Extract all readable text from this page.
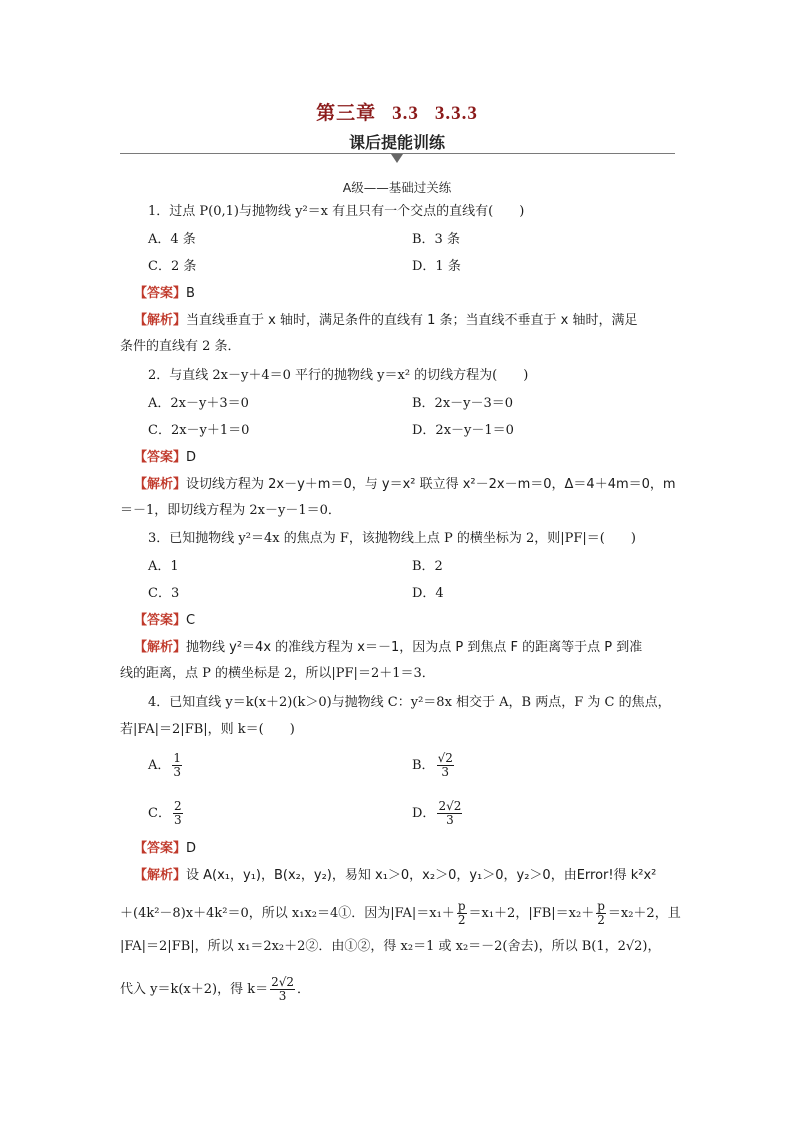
第三章 3.3 3.3.3
课后提能训练
A级——基础过关练
1．过点 P(0,1)与抛物线 y²＝x 有且只有一个交点的直线有(　　)
A．4 条	B．3 条
C．2 条	D．1 条
【答案】B
【解析】当直线垂直于 x 轴时，满足条件的直线有 1 条；当直线不垂直于 x 轴时，满足
条件的直线有 2 条．
2．与直线 2x－y＋4＝0 平行的抛物线 y＝x² 的切线方程为(　　)
A．2x－y＋3＝0	B．2x－y－3＝0
C．2x－y＋1＝0	D．2x－y－1＝0
【答案】D
【解析】设切线方程为 2x－y＋m＝0，与 y＝x² 联立得 x²－2x－m＝0，Δ＝4＋4m＝0，m
＝－1，即切线方程为 2x－y－1＝0．
3．已知抛物线 y²＝4x 的焦点为 F，该抛物线上点 P 的横坐标为 2，则|PF|＝(　　)
A．1	B．2
C．3	D．4
【答案】C
【解析】抛物线 y²＝4x 的准线方程为 x＝－1，因为点 P 到焦点 F 的距离等于点 P 到准
线的距离，点 P 的横坐标是 2，所以|PF|＝2＋1＝3．
4．已知直线 y＝k(x＋2)(k＞0)与抛物线 C：y²＝8x 相交于 A，B 两点，F 为 C 的焦点，
若|FA|＝2|FB|，则 k＝(　　)
A． $\frac{1}{3}$	B． $\frac{√2}{3}$
C． $\frac{2}{3}$	D． $\frac{2√2}{3}$
【答案】D
【解析】设 A(x₁，y₁)，B(x₂，y₂)，易知 x₁＞0，x₂＞0，y₁＞0，y₂＞0，由Error!得 k²x²
＋(4k²－8)x＋4k²＝0，所以 x₁x₂＝4①．因为$|FA|=x_1+ \frac{p}{2} =x_1+2$，$|FB|=x_2+ \frac{p}{2} =x_2+2$，且
|FA|＝2|FB|，所以 x₁＝2x₂＋2②．由①②，得 x₂＝1 或 x₂＝－2(舍去)，所以 B(1，2√2)，
代入 y＝k(x＋2)，得 $k= \frac{2√2}{3}$ ．
